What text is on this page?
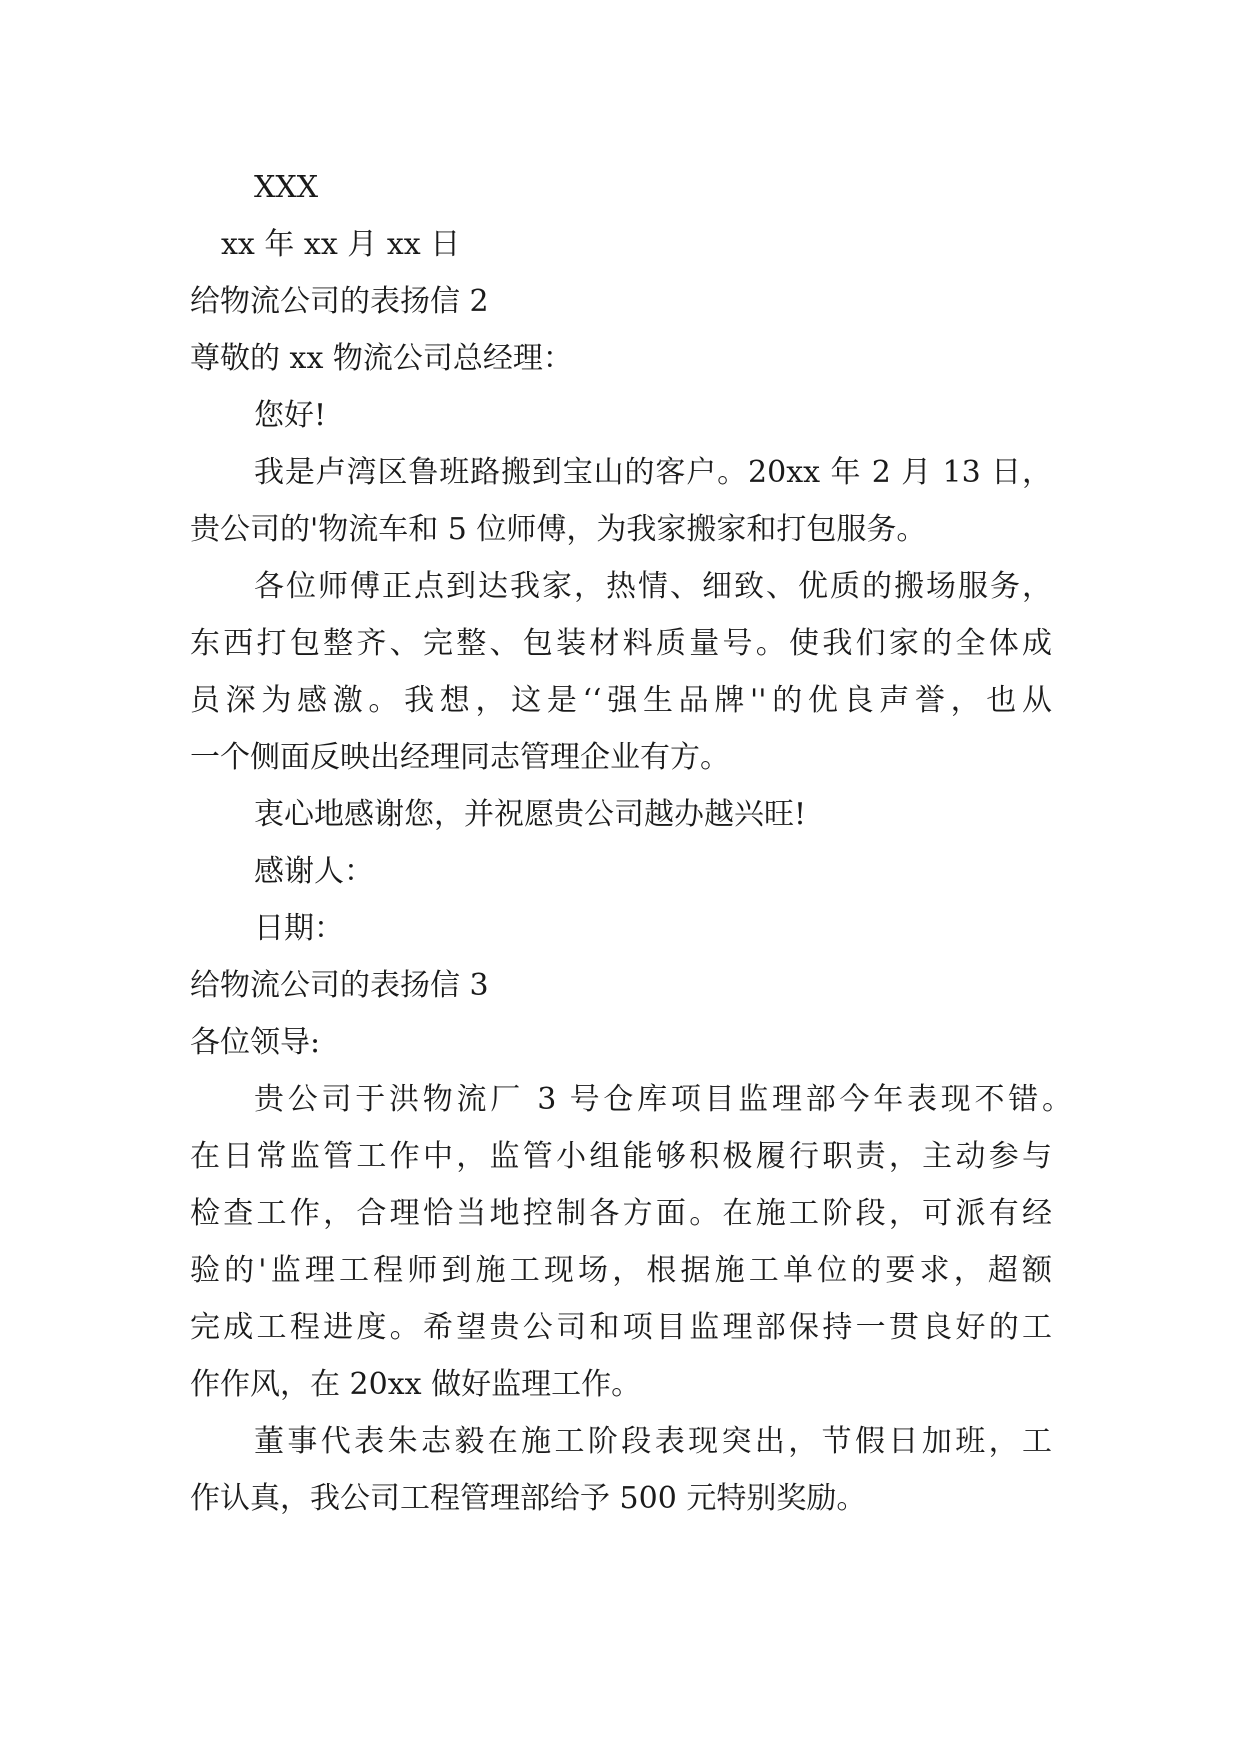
XXX
xx 年 xx 月 xx 日
给物流公司的表扬信 2
尊敬的 xx 物流公司总经理：
您好!
我是卢湾区鲁班路搬到宝山的客户。20xx 年 2 月 13 日，
贵公司的'物流车和 5 位师傅，为我家搬家和打包服务。
各位师傅正点到达我家，热情、细致、优质的搬场服务，
东西打包整齐、完整、包装材料质量号。使我们家的全体成
员深为感激。我想，这是‘‘强生品牌''的优良声誉，也从
一个侧面反映出经理同志管理企业有方。
衷心地感谢您，并祝愿贵公司越办越兴旺!
感谢人：
日期：
给物流公司的表扬信 3
各位领导:
贵公司于洪物流厂 3 号仓库项目监理部今年表现不错。
在日常监管工作中，监管小组能够积极履行职责，主动参与
检查工作，合理恰当地控制各方面。在施工阶段，可派有经
验的'监理工程师到施工现场，根据施工单位的要求，超额
完成工程进度。希望贵公司和项目监理部保持一贯良好的工
作作风，在 20xx 做好监理工作。
董事代表朱志毅在施工阶段表现突出，节假日加班，工
作认真，我公司工程管理部给予 500 元特别奖励。
